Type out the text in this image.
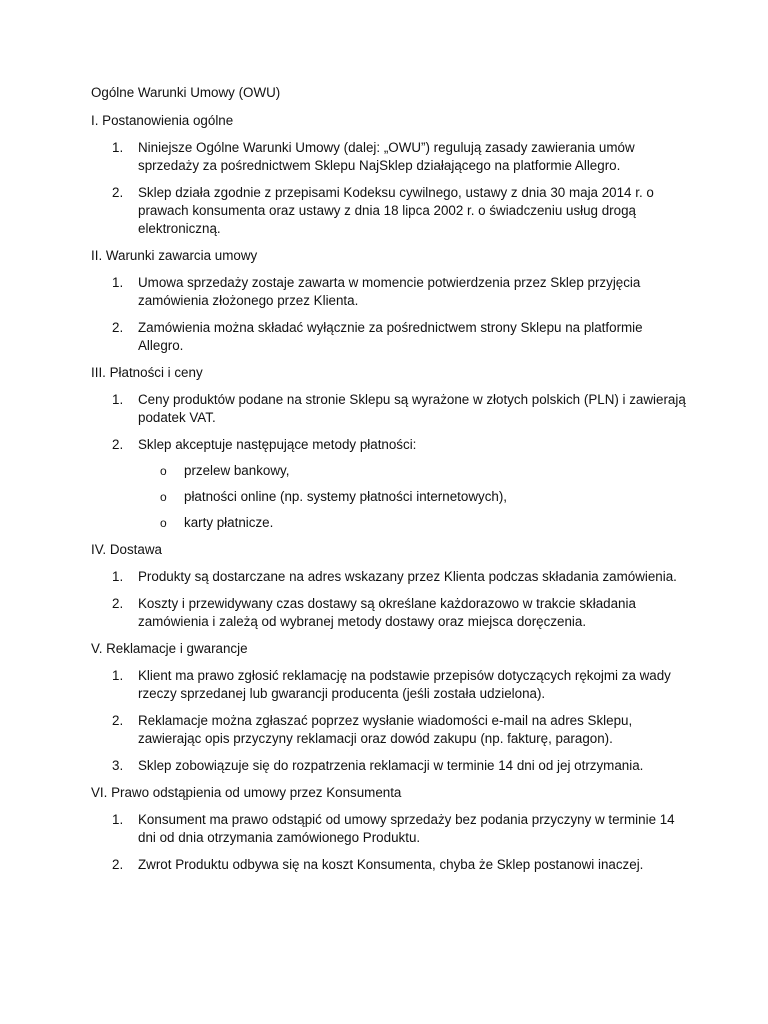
Ogólne Warunki Umowy (OWU)

I. Postanowienia ogólne

1. Niniejsze Ogólne Warunki Umowy (dalej: „OWU”) regulują zasady zawierania umów sprzedaży za pośrednictwem Sklepu NajSklep działającego na platformie Allegro.
2. Sklep działa zgodnie z przepisami Kodeksu cywilnego, ustawy z dnia 30 maja 2014 r. o prawach konsumenta oraz ustawy z dnia 18 lipca 2002 r. o świadczeniu usług drogą elektroniczną.

II. Warunki zawarcia umowy

1. Umowa sprzedaży zostaje zawarta w momencie potwierdzenia przez Sklep przyjęcia zamówienia złożonego przez Klienta.
2. Zamówienia można składać wyłącznie za pośrednictwem strony Sklepu na platformie Allegro.

III. Płatności i ceny

1. Ceny produktów podane na stronie Sklepu są wyrażone w złotych polskich (PLN) i zawierają podatek VAT.
2. Sklep akceptuje następujące metody płatności:
o przelew bankowy,
o płatności online (np. systemy płatności internetowych),
o karty płatnicze.

IV. Dostawa

1. Produkty są dostarczane na adres wskazany przez Klienta podczas składania zamówienia.
2. Koszty i przewidywany czas dostawy są określane każdorazowo w trakcie składania zamówienia i zależą od wybranej metody dostawy oraz miejsca doręczenia.

V. Reklamacje i gwarancje

1. Klient ma prawo zgłosić reklamację na podstawie przepisów dotyczących rękojmi za wady rzeczy sprzedanej lub gwarancji producenta (jeśli została udzielona).
2. Reklamacje można zgłaszać poprzez wysłanie wiadomości e-mail na adres Sklepu, zawierając opis przyczyny reklamacji oraz dowód zakupu (np. fakturę, paragon).
3. Sklep zobowiązuje się do rozpatrzenia reklamacji w terminie 14 dni od jej otrzymania.

VI. Prawo odstąpienia od umowy przez Konsumenta

1. Konsument ma prawo odstąpić od umowy sprzedaży bez podania przyczyny w terminie 14 dni od dnia otrzymania zamówionego Produktu.
2. Zwrot Produktu odbywa się na koszt Konsumenta, chyba że Sklep postanowi inaczej.
